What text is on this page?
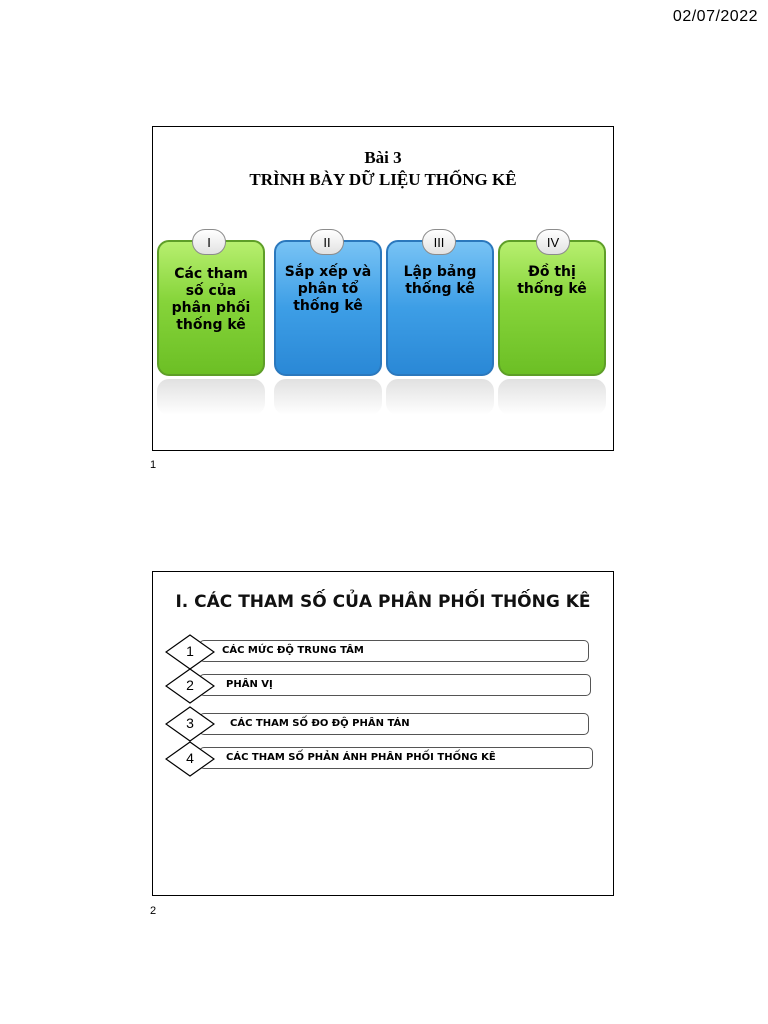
02/07/2022
Bài 3
TRÌNH BÀY DỮ LIỆU THỐNG KÊ
Các tham
số của
phân phối
thống kê
Sắp xếp và
phân tổ
thống kê
Lập bảng
thống kê
Đồ thị
thống kê
I	II	III	IV
1
I. CÁC THAM SỐ CỦA PHÂN PHỐI THỐNG KÊ
CÁC MỨC ĐỘ TRUNG TÂM
1
PHÂN VỊ
2
CÁC THAM SỐ ĐO ĐỘ PHÂN TÁN
3
CÁC THAM SỐ PHẢN ÁNH PHÂN PHỐI THỐNG KÊ
4
2
